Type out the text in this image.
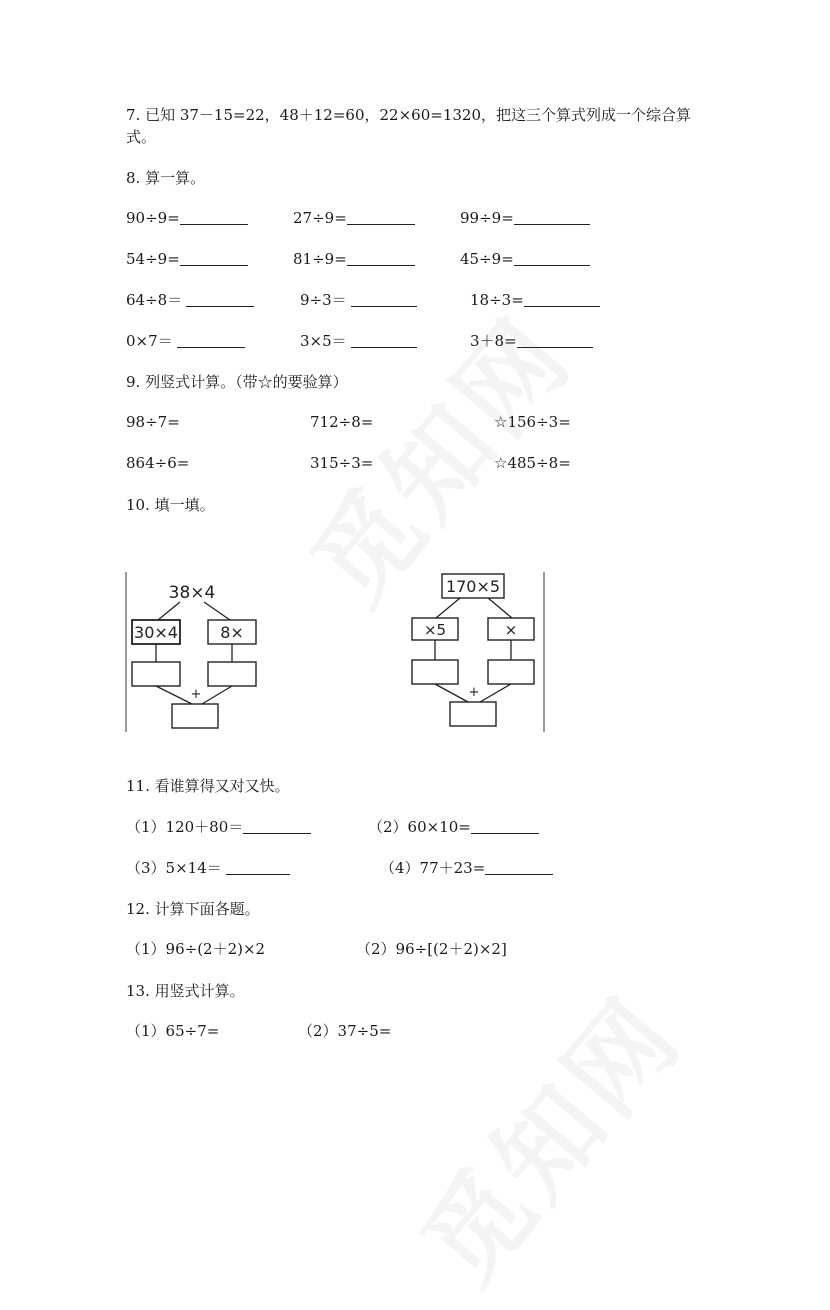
7. 已知 37－15=22，48＋12=60，22×60=1320，把这三个算式列成一个综合算
式。
8. 算一算。
90÷9=	27÷9=	99÷9=
54÷9=	81÷9=	45÷9=
64÷8＝	9÷3＝	18÷3=
0×7＝	3×5＝	3＋8=
9. 列竖式计算。（带☆的要验算）
98÷7=	712÷8=	☆156÷3=
864÷6=	315÷3=	☆485÷8=
10. 填一填。
38×4
30×4	8×
+
170×5
×5	×
+
11. 看谁算得又对又快。
（1）120＋80＝	（2）60×10=
（3）5×14＝	（4）77＋23=
12. 计算下面各题。
（1）96÷(2＋2)×2	（2）96÷[(2＋2)×2]
13. 用竖式计算。
（1）65÷7=	（2）37÷5=
